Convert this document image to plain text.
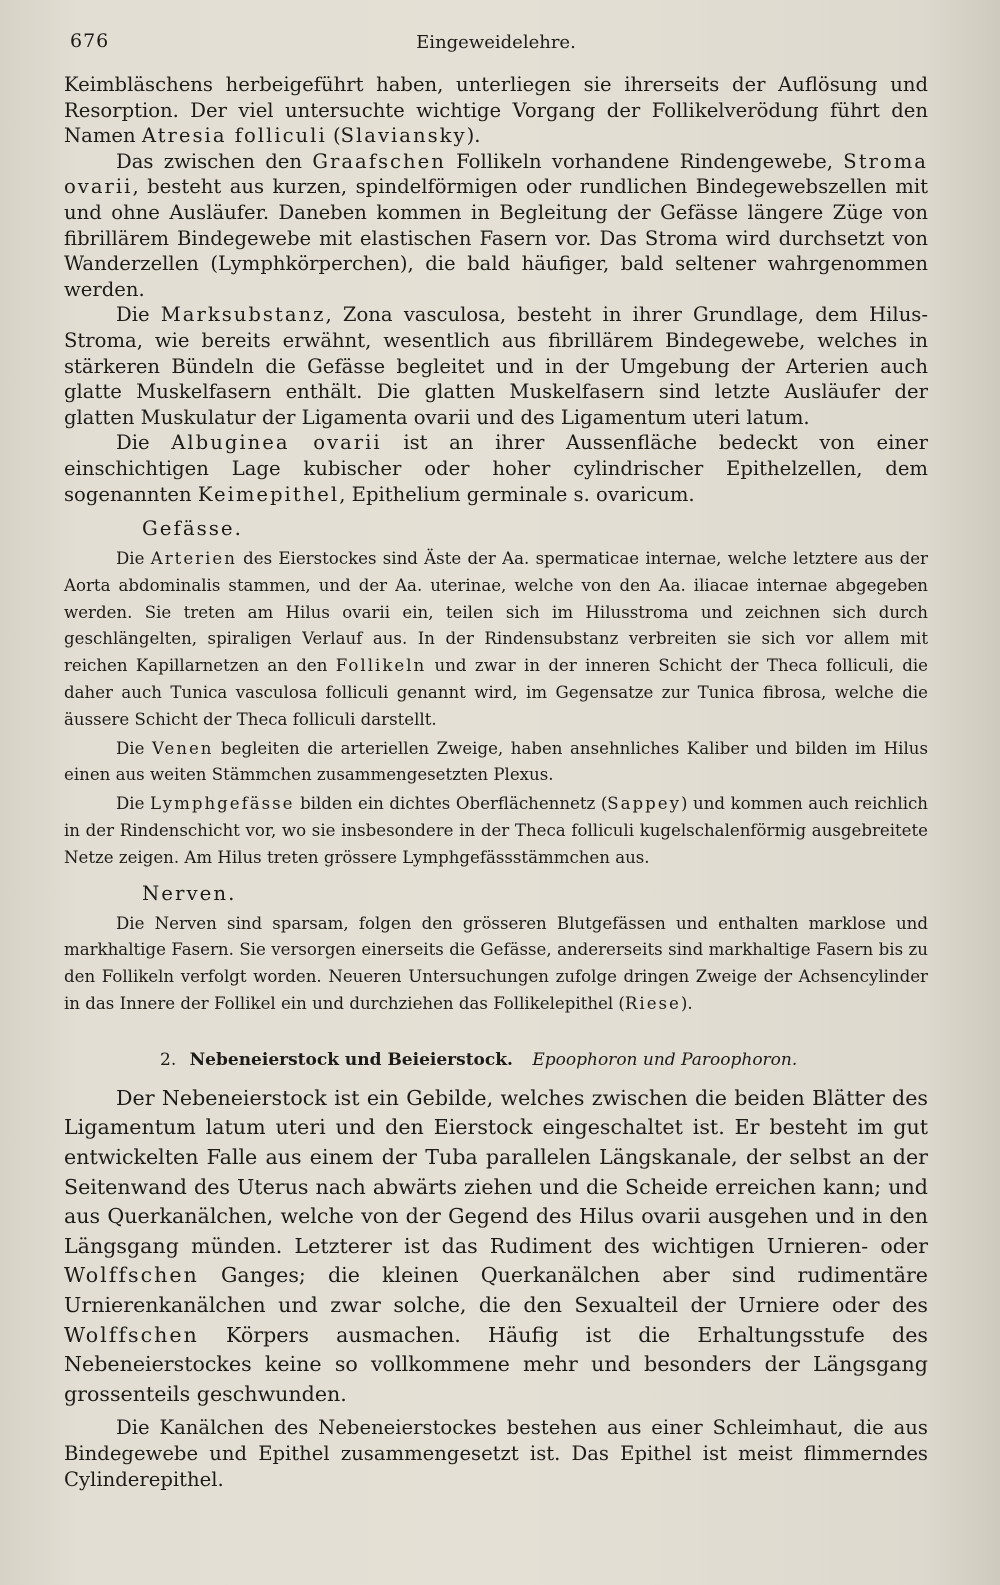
676	Eingeweidelehre.

Keimbläschens herbeigeführt haben, unterliegen sie ihrerseits der Auflösung und Resorption. Der viel untersuchte wichtige Vorgang der Follikelverödung führt den Namen Atresia folliculi (Slaviansky).

Das zwischen den Graafschen Follikeln vorhandene Rindengewebe, Stroma ovarii, besteht aus kurzen, spindelförmigen oder rundlichen Bindegewebszellen mit und ohne Ausläufer. Daneben kommen in Begleitung der Gefässe längere Züge von fibrillärem Bindegewebe mit elastischen Fasern vor. Das Stroma wird durchsetzt von Wanderzellen (Lymphkörperchen), die bald häufiger, bald seltener wahrgenommen werden.

Die Marksubstanz, Zona vasculosa, besteht in ihrer Grundlage, dem Hilus-Stroma, wie bereits erwähnt, wesentlich aus fibrillärem Bindegewebe, welches in stärkeren Bündeln die Gefässe begleitet und in der Umgebung der Arterien auch glatte Muskelfasern enthält. Die glatten Muskelfasern sind letzte Ausläufer der glatten Muskulatur der Ligamenta ovarii und des Ligamentum uteri latum.

Die Albuginea ovarii ist an ihrer Aussenfläche bedeckt von einer einschichtigen Lage kubischer oder hoher cylindrischer Epithelzellen, dem sogenannten Keimepithel, Epithelium germinale s. ovaricum.

Gefässe.

Die Arterien des Eierstockes sind Äste der Aa. spermaticae internae, welche letztere aus der Aorta abdominalis stammen, und der Aa. uterinae, welche von den Aa. iliacae internae abgegeben werden. Sie treten am Hilus ovarii ein, teilen sich im Hilusstroma und zeichnen sich durch geschlängelten, spiraligen Verlauf aus. In der Rindensubstanz verbreiten sie sich vor allem mit reichen Kapillarnetzen an den Follikeln und zwar in der inneren Schicht der Theca folliculi, die daher auch Tunica vasculosa folliculi genannt wird, im Gegensatze zur Tunica fibrosa, welche die äussere Schicht der Theca folliculi darstellt.

Die Venen begleiten die arteriellen Zweige, haben ansehnliches Kaliber und bilden im Hilus einen aus weiten Stämmchen zusammengesetzten Plexus.

Die Lymphgefässe bilden ein dichtes Oberflächennetz (Sappey) und kommen auch reichlich in der Rindenschicht vor, wo sie insbesondere in der Theca folliculi kugelschalenförmig ausgebreitete Netze zeigen. Am Hilus treten grössere Lymphgefässstämmchen aus.

Nerven.

Die Nerven sind sparsam, folgen den grösseren Blutgefässen und enthalten marklose und markhaltige Fasern. Sie versorgen einerseits die Gefässe, andererseits sind markhaltige Fasern bis zu den Follikeln verfolgt worden. Neueren Untersuchungen zufolge dringen Zweige der Achsencylinder in das Innere der Follikel ein und durchziehen das Follikelepithel (Riese).

2. Nebeneierstock und Beieierstock. Epoophoron und Paroophoron.

Der Nebeneierstock ist ein Gebilde, welches zwischen die beiden Blätter des Ligamentum latum uteri und den Eierstock eingeschaltet ist. Er besteht im gut entwickelten Falle aus einem der Tuba parallelen Längskanale, der selbst an der Seitenwand des Uterus nach abwärts ziehen und die Scheide erreichen kann; und aus Querkanälchen, welche von der Gegend des Hilus ovarii ausgehen und in den Längsgang münden. Letzterer ist das Rudiment des wichtigen Urnieren- oder Wolffschen Ganges; die kleinen Querkanälchen aber sind rudimentäre Urnierenkanälchen und zwar solche, die den Sexualteil der Urniere oder des Wolffschen Körpers ausmachen. Häufig ist die Erhaltungsstufe des Nebeneierstockes keine so vollkommene mehr und besonders der Längsgang grossenteils geschwunden.

Die Kanälchen des Nebeneierstockes bestehen aus einer Schleimhaut, die aus Bindegewebe und Epithel zusammengesetzt ist. Das Epithel ist meist flimmerndes Cylinderepithel.
